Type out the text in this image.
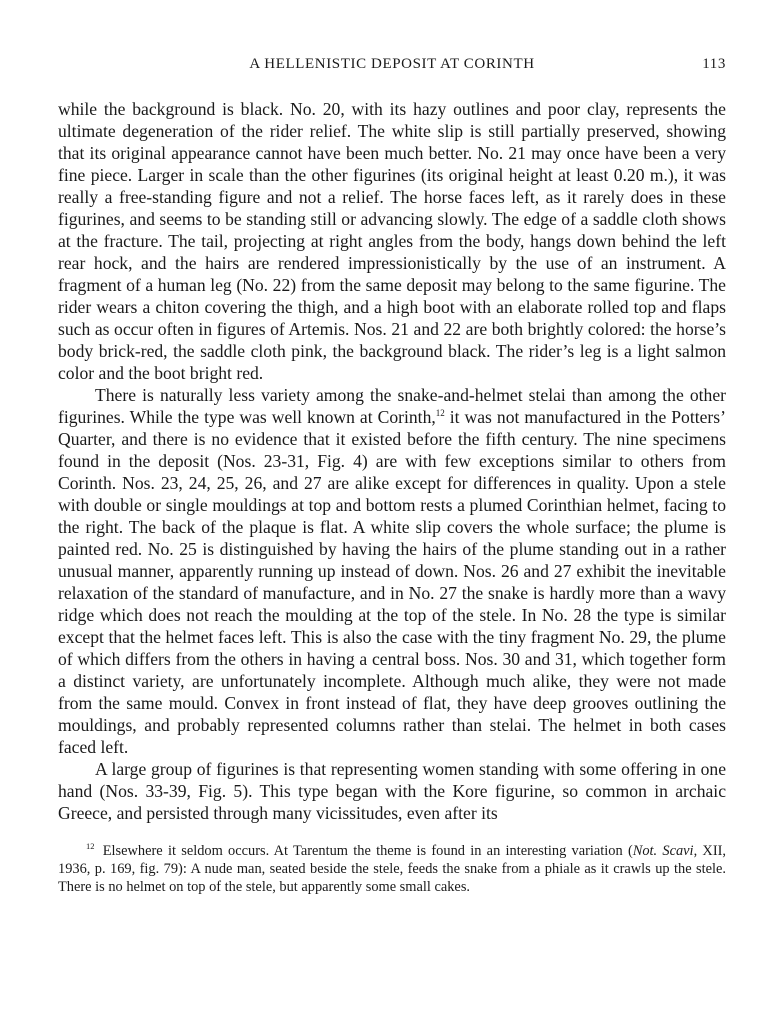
A HELLENISTIC DEPOSIT AT CORINTH	113

while the background is black. No. 20, with its hazy outlines and poor clay, represents the ultimate degeneration of the rider relief. The white slip is still partially preserved, showing that its original appearance cannot have been much better. No. 21 may once have been a very fine piece. Larger in scale than the other figurines (its original height at least 0.20 m.), it was really a free-standing figure and not a relief. The horse faces left, as it rarely does in these figurines, and seems to be standing still or advancing slowly. The edge of a saddle cloth shows at the fracture. The tail, projecting at right angles from the body, hangs down behind the left rear hock, and the hairs are rendered impressionistically by the use of an instrument. A fragment of a human leg (No. 22) from the same deposit may belong to the same figurine. The rider wears a chiton covering the thigh, and a high boot with an elaborate rolled top and flaps such as occur often in figures of Artemis. Nos. 21 and 22 are both brightly colored: the horse’s body brick-red, the saddle cloth pink, the background black. The rider’s leg is a light salmon color and the boot bright red.

There is naturally less variety among the snake-and-helmet stelai than among the other figurines. While the type was well known at Corinth,$^{12}$ it was not manufactured in the Potters’ Quarter, and there is no evidence that it existed before the fifth century. The nine specimens found in the deposit (Nos. 23-31, Fig. 4) are with few exceptions similar to others from Corinth. Nos. 23, 24, 25, 26, and 27 are alike except for differences in quality. Upon a stele with double or single mouldings at top and bottom rests a plumed Corinthian helmet, facing to the right. The back of the plaque is flat. A white slip covers the whole surface; the plume is painted red. No. 25 is distinguished by having the hairs of the plume standing out in a rather unusual manner, apparently running up instead of down. Nos. 26 and 27 exhibit the inevitable relaxation of the standard of manufacture, and in No. 27 the snake is hardly more than a wavy ridge which does not reach the moulding at the top of the stele. In No. 28 the type is similar except that the helmet faces left. This is also the case with the tiny fragment No. 29, the plume of which differs from the others in having a central boss. Nos. 30 and 31, which together form a distinct variety, are unfortunately incomplete. Although much alike, they were not made from the same mould. Convex in front instead of flat, they have deep grooves outlining the mouldings, and probably represented columns rather than stelai. The helmet in both cases faced left.

A large group of figurines is that representing women standing with some offering in one hand (Nos. 33-39, Fig. 5). This type began with the Kore figurine, so common in archaic Greece, and persisted through many vicissitudes, even after its

$^{12}$ Elsewhere it seldom occurs. At Tarentum the theme is found in an interesting variation (Not. Scavi, XII, 1936, p. 169, fig. 79): A nude man, seated beside the stele, feeds the snake from a phiale as it crawls up the stele. There is no helmet on top of the stele, but apparently some small cakes.
